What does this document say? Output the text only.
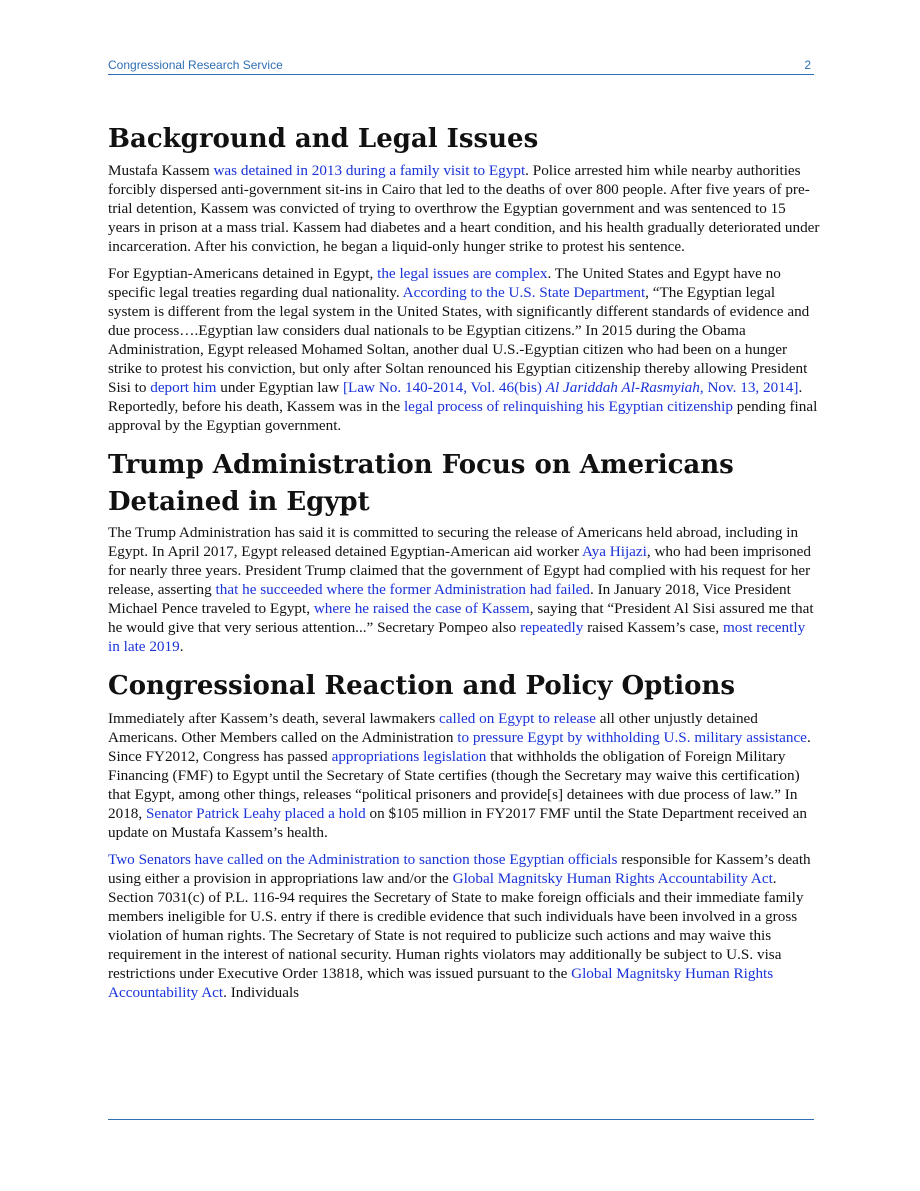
Congressional Research Service	2
Background and Legal Issues

Mustafa Kassem was detained in 2013 during a family visit to Egypt. Police arrested him while nearby authorities forcibly dispersed anti-government sit-ins in Cairo that led to the deaths of over 800 people. After five years of pre-trial detention, Kassem was convicted of trying to overthrow the Egyptian government and was sentenced to 15 years in prison at a mass trial. Kassem had diabetes and a heart condition, and his health gradually deteriorated under incarceration. After his conviction, he began a liquid-only hunger strike to protest his sentence.

For Egyptian-Americans detained in Egypt, the legal issues are complex. The United States and Egypt have no specific legal treaties regarding dual nationality. According to the U.S. State Department, “The Egyptian legal system is different from the legal system in the United States, with significantly different standards of evidence and due process….Egyptian law considers dual nationals to be Egyptian citizens.” In 2015 during the Obama Administration, Egypt released Mohamed Soltan, another dual U.S.-Egyptian citizen who had been on a hunger strike to protest his conviction, but only after Soltan renounced his Egyptian citizenship thereby allowing President Sisi to deport him under Egyptian law [Law No. 140-2014, Vol. 46(bis) Al Jariddah Al-Rasmyiah, Nov. 13, 2014]. Reportedly, before his death, Kassem was in the legal process of relinquishing his Egyptian citizenship pending final approval by the Egyptian government.

Trump Administration Focus on Americans Detained in Egypt

The Trump Administration has said it is committed to securing the release of Americans held abroad, including in Egypt. In April 2017, Egypt released detained Egyptian-American aid worker Aya Hijazi, who had been imprisoned for nearly three years. President Trump claimed that the government of Egypt had complied with his request for her release, asserting that he succeeded where the former Administration had failed. In January 2018, Vice President Michael Pence traveled to Egypt, where he raised the case of Kassem, saying that “President Al Sisi assured me that he would give that very serious attention...” Secretary Pompeo also repeatedly raised Kassem’s case, most recently in late 2019.

Congressional Reaction and Policy Options

Immediately after Kassem’s death, several lawmakers called on Egypt to release all other unjustly detained Americans. Other Members called on the Administration to pressure Egypt by withholding U.S. military assistance. Since FY2012, Congress has passed appropriations legislation that withholds the obligation of Foreign Military Financing (FMF) to Egypt until the Secretary of State certifies (though the Secretary may waive this certification) that Egypt, among other things, releases “political prisoners and provide[s] detainees with due process of law.” In 2018, Senator Patrick Leahy placed a hold on $105 million in FY2017 FMF until the State Department received an update on Mustafa Kassem’s health.

Two Senators have called on the Administration to sanction those Egyptian officials responsible for Kassem’s death using either a provision in appropriations law and/or the Global Magnitsky Human Rights Accountability Act. Section 7031(c) of P.L. 116-94 requires the Secretary of State to make foreign officials and their immediate family members ineligible for U.S. entry if there is credible evidence that such individuals have been involved in a gross violation of human rights. The Secretary of State is not required to publicize such actions and may waive this requirement in the interest of national security. Human rights violators may additionally be subject to U.S. visa restrictions under Executive Order 13818, which was issued pursuant to the Global Magnitsky Human Rights Accountability Act. Individuals
